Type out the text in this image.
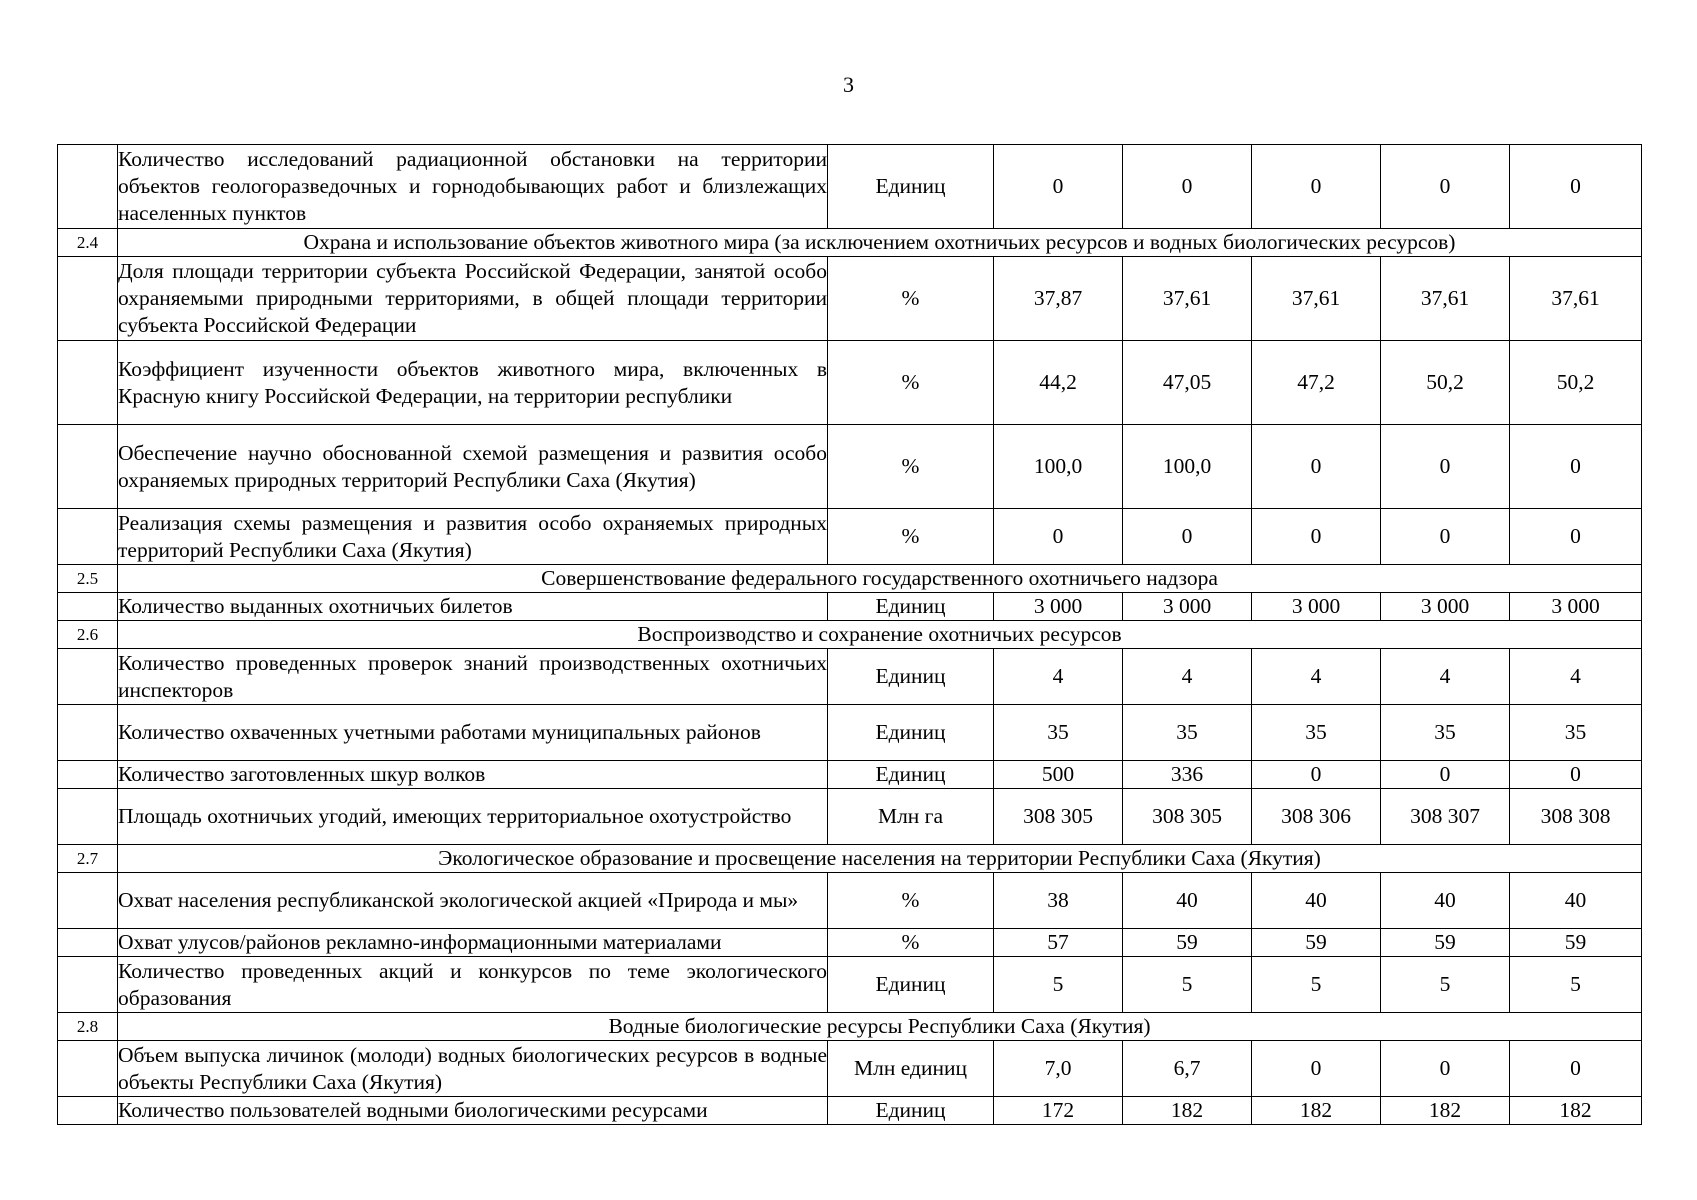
3
	Количество исследований радиационной обстановки на территории объектов геологоразведочных и горнодобывающих работ и близлежащих населенных пунктов	Единиц	0	0	0	0	0
2.4	Охрана и использование объектов животного мира (за исключением охотничьих ресурсов и водных биологических ресурсов)						
	Доля площади территории субъекта Российской Федерации, занятой особо охраняемыми природными территориями, в общей площади территории субъекта Российской Федерации	%	37,87	37,61	37,61	37,61	37,61
	Коэффициент изученности объектов животного мира, включенных в Красную книгу Российской Федерации, на территории республики	%	44,2	47,05	47,2	50,2	50,2
	Обеспечение научно обоснованной схемой размещения и развития особо охраняемых природных территорий Республики Саха (Якутия)	%	100,0	100,0	0	0	0
	Реализация схемы размещения и развития особо охраняемых природных территорий Республики Саха (Якутия)	%	0	0	0	0	0
2.5	Совершенствование федерального государственного охотничьего надзора						
	Количество выданных охотничьих билетов	Единиц	3 000	3 000	3 000	3 000	3 000
2.6	Воспроизводство и сохранение охотничьих ресурсов						
	Количество проведенных проверок знаний производственных охотничьих инспекторов	Единиц	4	4	4	4	4
	Количество охваченных учетными работами муниципальных районов	Единиц	35	35	35	35	35
	Количество заготовленных шкур волков	Единиц	500	336	0	0	0
	Площадь охотничьих угодий, имеющих территориальное охотустройство	Млн га	308 305	308 305	308 306	308 307	308 308
2.7	Экологическое образование и просвещение населения на территории Республики Саха (Якутия)						
	Охват населения республиканской экологической акцией «Природа и мы»	%	38	40	40	40	40
	Охват улусов/районов рекламно-информационными материалами	%	57	59	59	59	59
	Количество проведенных акций и конкурсов по теме экологического образования	Единиц	5	5	5	5	5
2.8	Водные биологические ресурсы Республики Саха (Якутия)						
	Объем выпуска личинок (молоди) водных биологических ресурсов в водные объекты Республики Саха (Якутия)	Млн единиц	7,0	6,7	0	0	0
	Количество пользователей водными биологическими ресурсами	Единиц	172	182	182	182	182
